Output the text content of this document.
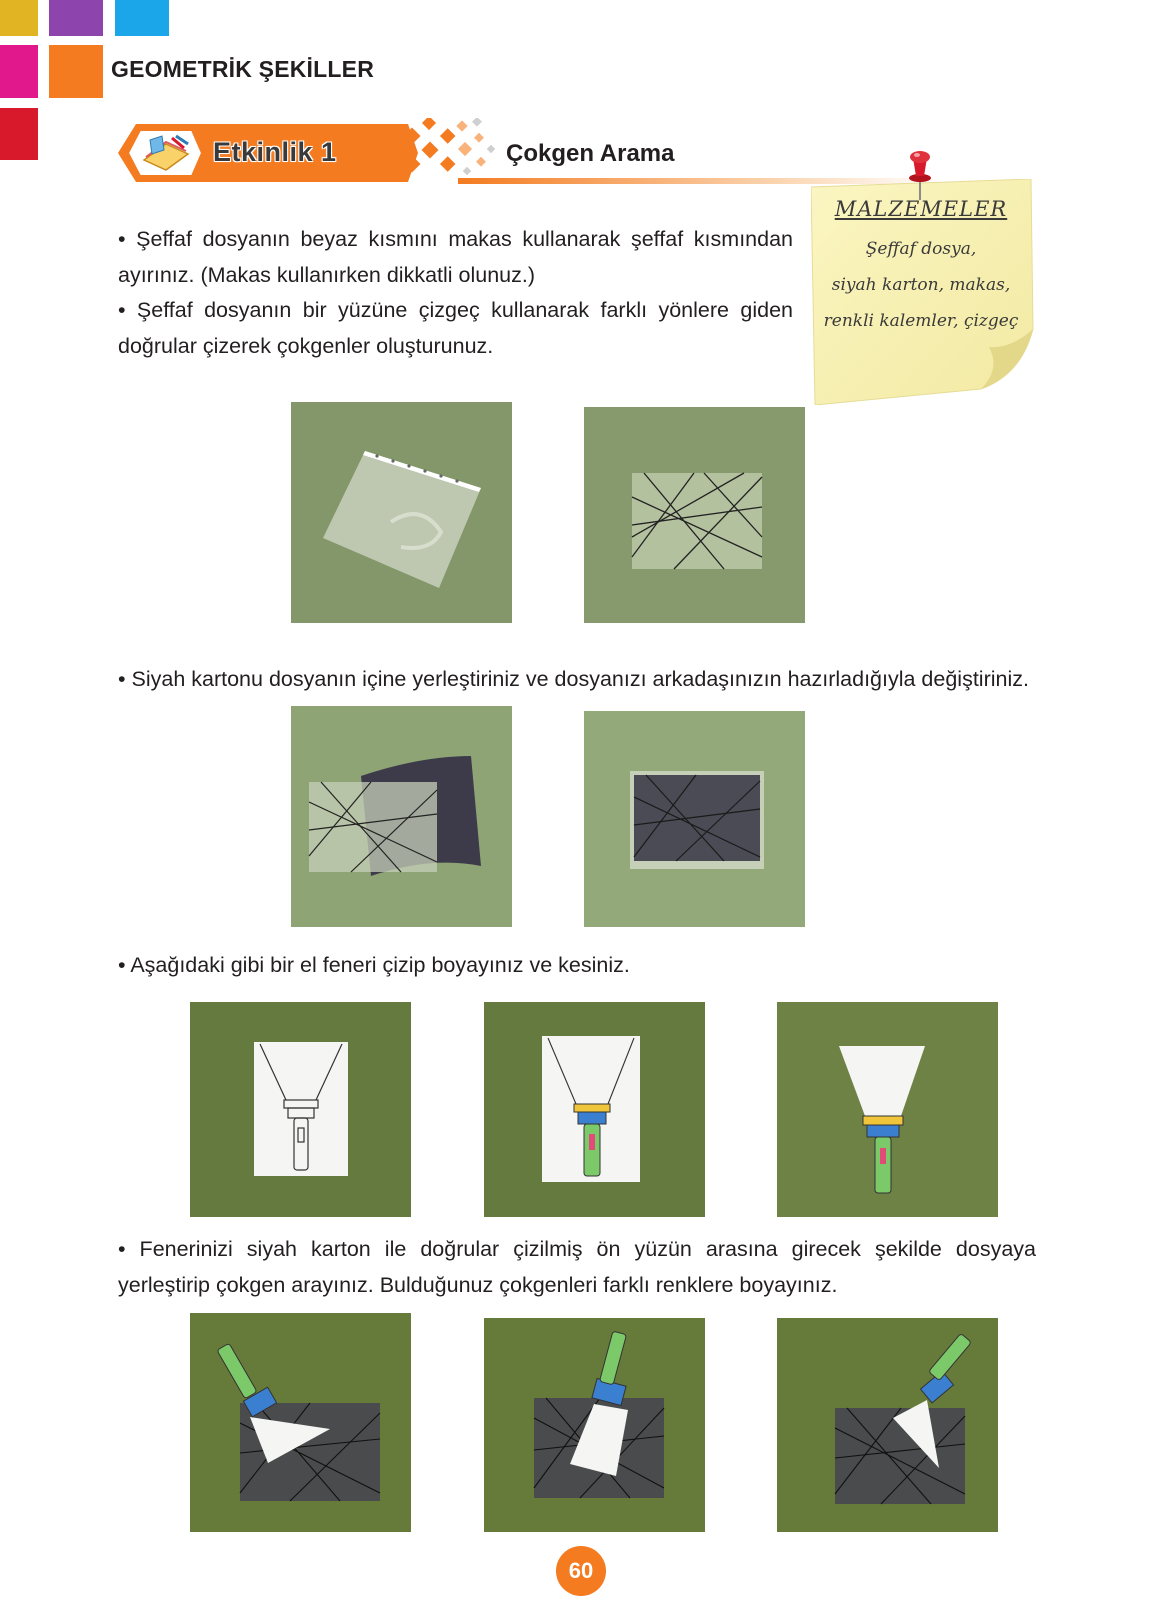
GEOMETRİK ŞEKİLLER
Etkinlik 1	Çokgen Arama
MALZEMELER
Şeffaf dosya,
siyah karton, makas,
renkli kalemler, çizgeç
• Şeffaf dosyanın beyaz kısmını makas kullanarak şeffaf kısmından ayırınız. (Makas kullanırken dikkatli olunuz.)
• Şeffaf dosyanın bir yüzüne çizgeç kullanarak farklı yönlere giden doğrular çizerek çokgenler oluşturunuz.
• Siyah kartonu dosyanın içine yerleştiriniz ve dosyanızı arkadaşınızın hazırladığıyla değiştiriniz.
• Aşağıdaki gibi bir el feneri çizip boyayınız ve kesiniz.
• Fenerinizi siyah karton ile doğrular çizilmiş ön yüzün arasına girecek şekilde dosyaya yerleştirip çokgen arayınız. Bulduğunuz çokgenleri farklı renklere boyayınız.
60
